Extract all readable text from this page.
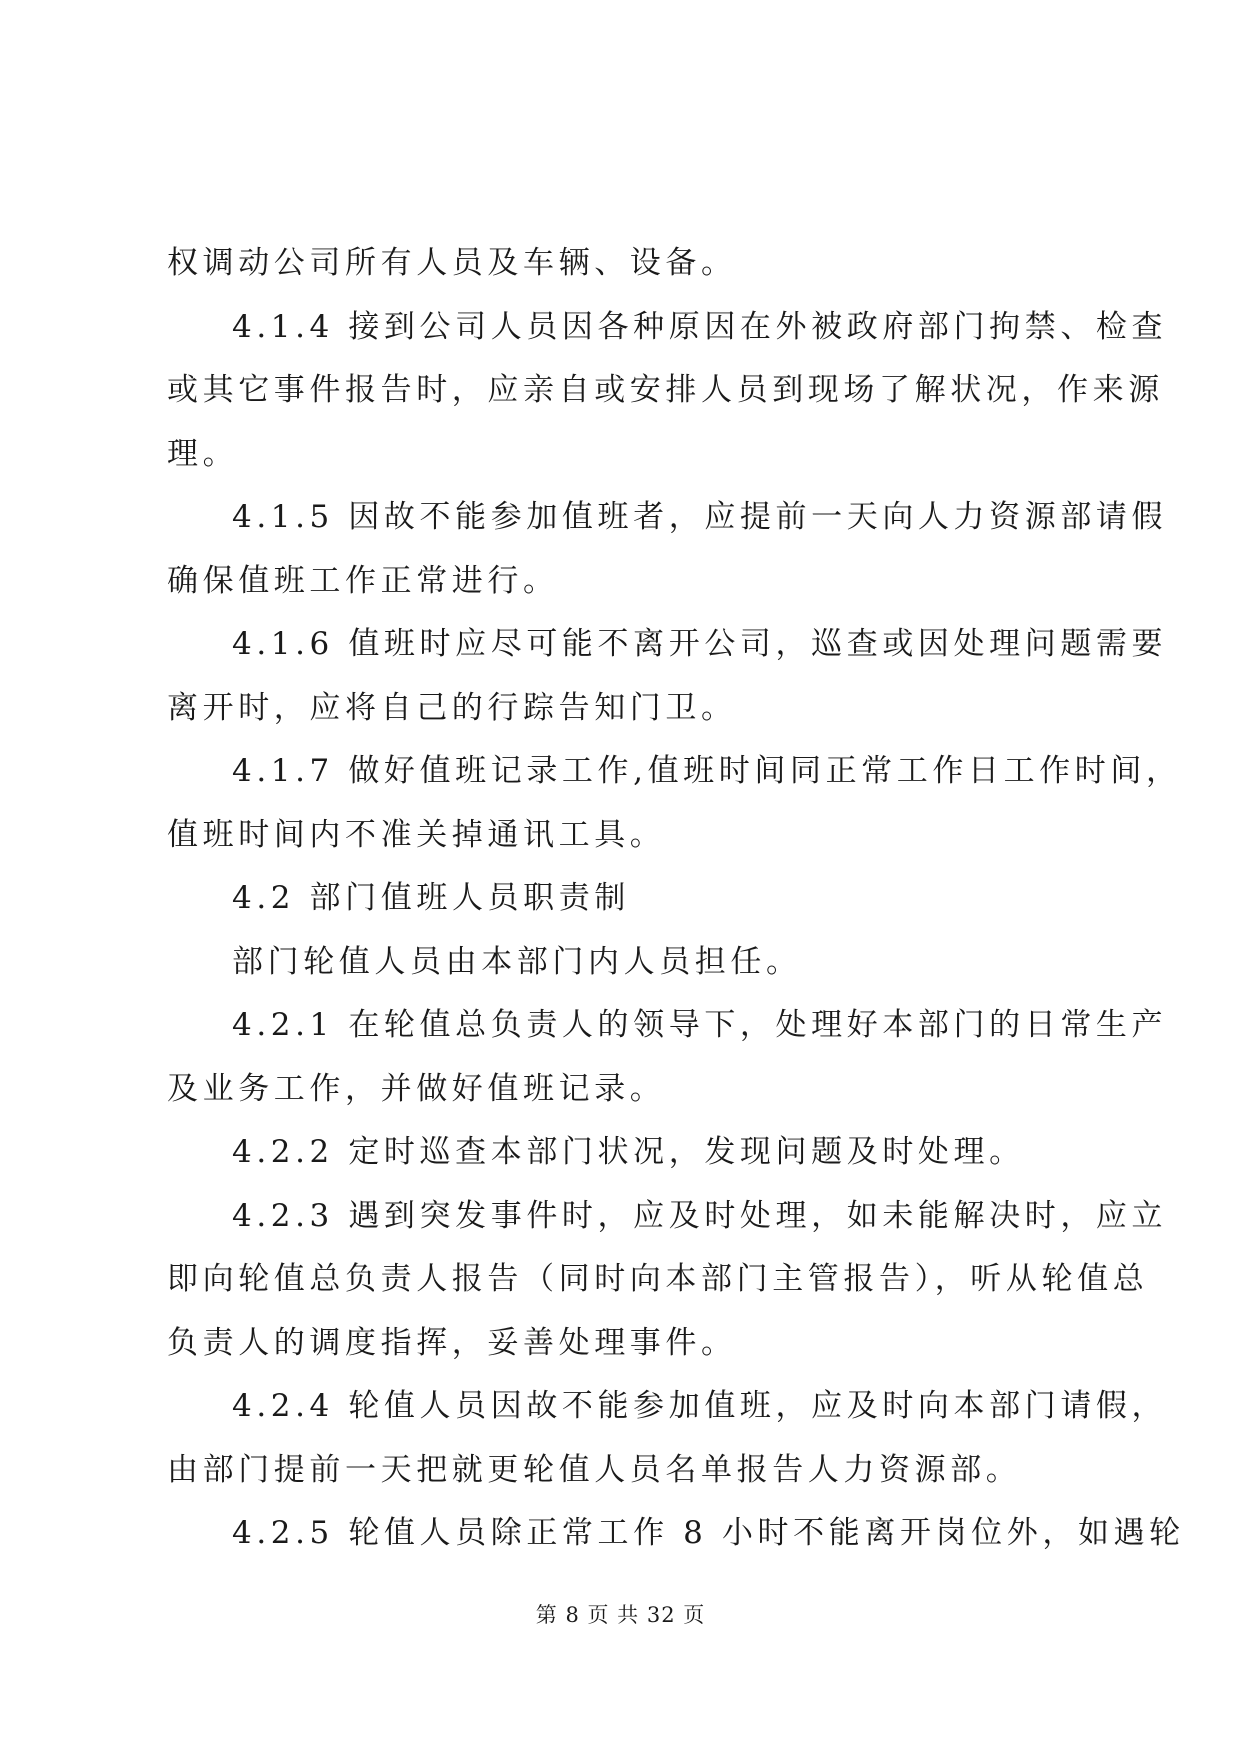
权调动公司所有人员及车辆、设备。
4.1.4 接到公司人员因各种原因在外被政府部门拘禁、检查
或其它事件报告时，应亲自或安排人员到现场了解状况，作来源
理。
4.1.5 因故不能参加值班者，应提前一天向人力资源部请假
确保值班工作正常进行。
4.1.6 值班时应尽可能不离开公司，巡查或因处理问题需要
离开时，应将自己的行踪告知门卫。
4.1.7 做好值班记录工作,值班时间同正常工作日工作时间，
值班时间内不准关掉通讯工具。
4.2 部门值班人员职责制
部门轮值人员由本部门内人员担任。
4.2.1 在轮值总负责人的领导下，处理好本部门的日常生产
及业务工作，并做好值班记录。
4.2.2 定时巡查本部门状况，发现问题及时处理。
4.2.3 遇到突发事件时，应及时处理，如未能解决时，应立
即向轮值总负责人报告（同时向本部门主管报告），听从轮值总
负责人的调度指挥，妥善处理事件。
4.2.4 轮值人员因故不能参加值班，应及时向本部门请假，
由部门提前一天把就更轮值人员名单报告人力资源部。
4.2.5 轮值人员除正常工作 8 小时不能离开岗位外，如遇轮
第 8 页 共 32 页
